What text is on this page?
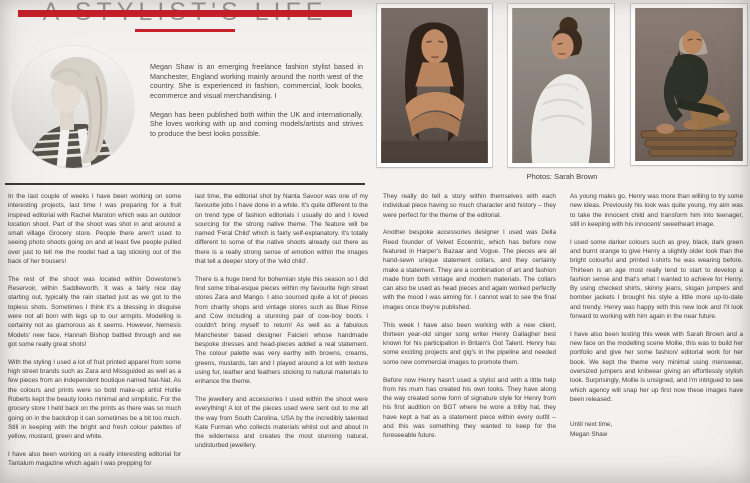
Megan Shaw is an emerging freelance fashion stylist based in Manchester, England working mainly around the north west of the country. She is experienced in fashion, commercial, look books, ecommerce and visual merchandising. I

Megan has been published both within the UK and internationally. She loves working with up and coming models/artists and strives to produce the best looks possible.

Photos: Sarah Brown

In the last couple of weeks I have been working on some interesting projects, last time I was preparing for a fruit inspired editorial with Rachel Marston which was an outdoor location shoot. Part of the shoot was shot in and around a small village Grocery store. People there aren't used to seeing photo shoots going on and at least five people pulled over just to tell me the model had a tag sticking out of the back of her trousers!

The rest of the shoot was located within Dovestone's Reservoir, within Saddleworth. It was a fairly nice day starting out, typically the rain started just as we got to the topless shots. Sometimes I think it's a blessing in disguise were not all born with legs up to our armpits. Modelling is certainly not as glamorous as it seems. However, Nemesis Models' new face, Hannah Bishop battled through and we got some really great shots!

With the styling I used a lot of fruit printed apparel from some high street brands such as Zara and Missguided as well as a few pieces from an independent boutique named Nat-Nat. As the colours and prints were so bold make-up artist Hollie Roberts kept the beauty looks minimal and simplistic. For the grocery store I held back on the prints as there was so much going on in the backdrop it can sometimes be a bit too much. Still in keeping with the bright and fresh colour palettes of yellow, mustard, green and white.

I have also been working on a really interesting editorial for Tantalum magazine which again I was prepping for

last time, the editorial shot by Nanta Savoor was one of my favourite jobs I have done in a while. It's quite different to the on trend type of fashion editorials I usually do and I loved sourcing for the strong native theme. The feature will be named 'Feral Child' which is fairly self-explanatory. It's totally different to some of the native shoots already out there as there is a really strong sense of emotion within the images that tell a deeper story of the 'wild child'.

There is a huge trend for bohemian style this season so I did find some tribal-esque pieces within my favourite high street stores Zara and Mango. I also sourced quite a lot of pieces from charity shops and vintage stores such as Blue Rinse and Cow including a stunning pair of cow-boy boots I couldn't bring myself to return! As well as a fabulous Manchester based designer Falcieri whose handmade bespoke dresses and head-pieces added a real statement. The colour palette was very earthy with browns, creams, greens, mustards, tan and I played around a lot with texture using fur, leather and feathers sticking to natural materials to enhance the theme.

The jewellery and accessories I used within the shoot were everything! A lot of the pieces used were sent out to me all the way from South Carolina, USA by the incredibly talented Kate Furman who collects materials whilst out and about in the wilderness and creates the most stunning natural, undisturbed jewellery.

They really do tell a story within themselves with each individual piece having so much character and history – they were perfect for the theme of the editorial.

Another bespoke accessories designer I used was Della Reed founder of Velvet Eccentric, which has before now featured in Harper's Bazaar and Vogue. The pieces are all hand-sewn unique statement collars, and they certainly make a statement. They are a combination of art and fashion made from both vintage and modern materials. The collars can also be used as head pieces and again worked perfectly with the mood I was aiming for. I cannot wait to see the final images once they're published.

This week I have also been working with a new client, thirteen year-old singer song writer Henry Gallagher best known for his participation in Britain's Got Talent. Henry has some exciting projects and gig's in the pipeline and needed some new commercial images to promote them.

Before now Henry hasn't used a stylist and with a little help from his mum has created his own looks. They have along the way created some form of signature style for Henry from his first audition on BGT where he wore a trilby hat, they have kept a hat as a statement piece within every outfit – and this was something they wanted to keep for the foreseeable future.

As young males go, Henry was more than willing to try some new ideas. Previously his look was quite young, my aim was to take the innocent child and transform him into teenager, still in keeping with his innocent/ sweetheart image.

I used some darker colours such as grey, black, dark green and burnt orange to give Henry a slightly older look than the bright colourful and printed t-shirts he was wearing before. Thirteen is an age most really tend to start to develop a fashion sense and that's what I wanted to achieve for Henry. By using checked shirts, skinny jeans, slogan jumpers and bomber jackets I brought his style a little more up-to-date and trendy. Henry was happy with this new look and I'll look forward to working with him again in the near future.

I have also been testing this week with Sarah Brown and a new face on the modelling scene Mollie, this was to build her portfolio and give her some fashion/ editorial work for her book. We kept the theme very minimal using menswear, oversized jumpers and knitwear giving an effortlessly stylish look. Surprisingly, Mollie is unsigned, and I'm intrigued to see which agency will snap her up first now these images have been released.

Until next time,

Megan Shaw
